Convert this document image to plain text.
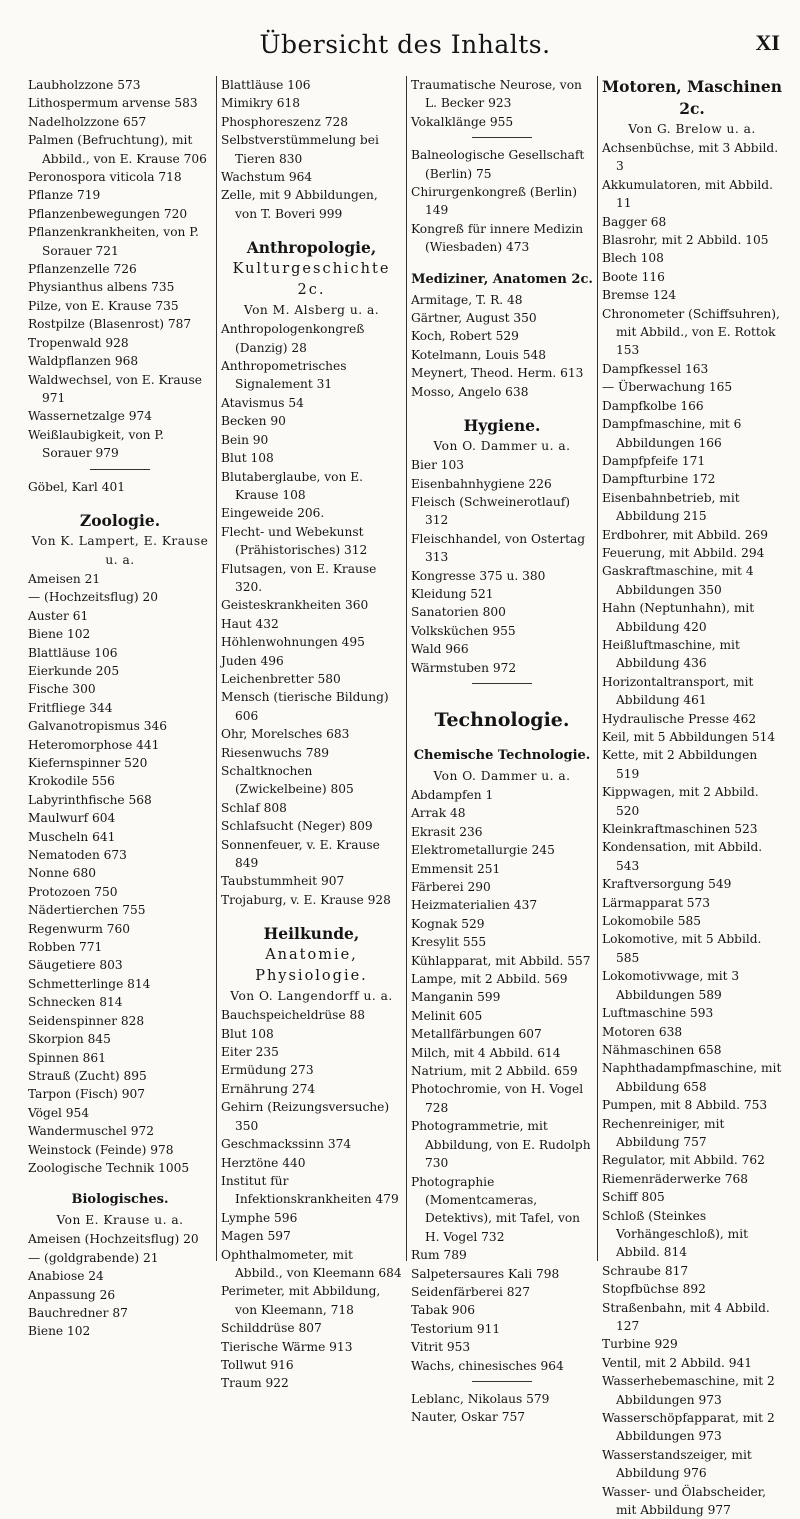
Übersicht des Inhalts.	XI
Laubholzzone 573
Lithospermum arvense 583
Nadelholzzone 657
Palmen (Befruchtung), mit Abbild., von E. Krause 706
Peronospora viticola 718
Pflanze 719
Pflanzenbewegungen 720
Pflanzenkrankheiten, von P. Sorauer 721
Pflanzenzelle 726
Physianthus albens 735
Pilze, von E. Krause 735
Rostpilze (Blasenrost) 787
Tropenwald 928
Waldpflanzen 968
Waldwechsel, von E. Krause 971
Wassernetzalge 974
Weißlaubigkeit, von P. Sorauer 979
Göbel, Karl 401
Zoologie.
Von K. Lampert, E. Krause u. a.
Ameisen 21
— (Hochzeitsflug) 20
Auster 61
Biene 102
Blattläuse 106
Eierkunde 205
Fische 300
Fritfliege 344
Galvanotropismus 346
Heteromorphose 441
Kiefernspinner 520
Krokodile 556
Labyrinthfische 568
Maulwurf 604
Muscheln 641
Nematoden 673
Nonne 680
Protozoen 750
Nädertierchen 755
Regenwurm 760
Robben 771
Säugetiere 803
Schmetterlinge 814
Schnecken 814
Seidenspinner 828
Skorpion 845
Spinnen 861
Strauß (Zucht) 895
Tarpon (Fisch) 907
Vögel 954
Wandermuschel 972
Weinstock (Feinde) 978
Zoologische Technik 1005
Biologisches.
Von E. Krause u. a.
Ameisen (Hochzeitsflug) 20
— (goldgrabende) 21
Anabiose 24
Anpassung 26
Bauchredner 87
Biene 102
Blattläuse 106
Mimikry 618
Phosphoreszenz 728
Selbstverstümmelung bei Tieren 830
Wachstum 964
Zelle, mit 9 Abbildungen, von T. Boveri 999
Anthropologie,
Kulturgeschichte 2c.
Von M. Alsberg u. a.
Anthropologenkongreß (Danzig) 28
Anthropometrisches Signalement 31
Atavismus 54
Becken 90
Bein 90
Blut 108
Blutaberglaube, von E. Krause 108
Eingeweide 206.
Flecht- und Webekunst (Prähistorisches) 312
Flutsagen, von E. Krause 320.
Geisteskrankheiten 360
Haut 432
Höhlenwohnungen 495
Juden 496
Leichenbretter 580
Mensch (tierische Bildung) 606
Ohr, Morelsches 683
Riesenwuchs 789
Schaltknochen (Zwickelbeine) 805
Schlaf 808
Schlafsucht (Neger) 809
Sonnenfeuer, v. E. Krause 849
Taubstummheit 907
Trojaburg, v. E. Krause 928
Heilkunde,
Anatomie, Physiologie.
Von O. Langendorff u. a.
Bauchspeicheldrüse 88
Blut 108
Eiter 235
Ermüdung 273
Ernährung 274
Gehirn (Reizungsversuche) 350
Geschmackssinn 374
Herztöne 440
Institut für Infektionskrankheiten 479
Lymphe 596
Magen 597
Ophthalmometer, mit Abbild., von Kleemann 684
Perimeter, mit Abbildung, von Kleemann, 718
Schilddrüse 807
Tierische Wärme 913
Tollwut 916
Traum 922
Traumatische Neurose, von L. Becker 923
Vokalklänge 955
Balneologische Gesellschaft (Berlin) 75
Chirurgenkongreß (Berlin) 149
Kongreß für innere Medizin (Wiesbaden) 473
Mediziner, Anatomen 2c.
Armitage, T. R. 48
Gärtner, August 350
Koch, Robert 529
Kotelmann, Louis 548
Meynert, Theod. Herm. 613
Mosso, Angelo 638
Hygiene.
Von O. Dammer u. a.
Bier 103
Eisenbahnhygiene 226
Fleisch (Schweinerotlauf) 312
Fleischhandel, von Ostertag 313
Kongresse 375 u. 380
Kleidung 521
Sanatorien 800
Volksküchen 955
Wald 966
Wärmstuben 972
Technologie.
Chemische Technologie.
Von O. Dammer u. a.
Abdampfen 1
Arrak 48
Ekrasit 236
Elektrometallurgie 245
Emmensit 251
Färberei 290
Heizmaterialien 437
Kognak 529
Kresylit 555
Kühlapparat, mit Abbild. 557
Lampe, mit 2 Abbild. 569
Manganin 599
Melinit 605
Metallfärbungen 607
Milch, mit 4 Abbild. 614
Natrium, mit 2 Abbild. 659
Photochromie, von H. Vogel 728
Photogrammetrie, mit Abbildung, von E. Rudolph 730
Photographie (Momentcameras, Detektivs), mit Tafel, von H. Vogel 732
Rum 789
Salpetersaures Kali 798
Seidenfärberei 827
Tabak 906
Testorium 911
Vitrit 953
Wachs, chinesisches 964
Leblanc, Nikolaus 579
Nauter, Oskar 757
Motoren, Maschinen 2c.
Von G. Brelow u. a.
Achsenbüchse, mit 3 Abbild. 3
Akkumulatoren, mit Abbild. 11
Bagger 68
Blasrohr, mit 2 Abbild. 105
Blech 108
Boote 116
Bremse 124
Chronometer (Schiffsuhren), mit Abbild., von E. Rottok 153
Dampfkessel 163
— Überwachung 165
Dampfkolbe 166
Dampfmaschine, mit 6 Abbildungen 166
Dampfpfeife 171
Dampfturbine 172
Eisenbahnbetrieb, mit Abbildung 215
Erdbohrer, mit Abbild. 269
Feuerung, mit Abbild. 294
Gaskraftmaschine, mit 4 Abbildungen 350
Hahn (Neptunhahn), mit Abbildung 420
Heißluftmaschine, mit Abbildung 436
Horizontaltransport, mit Abbildung 461
Hydraulische Presse 462
Keil, mit 5 Abbildungen 514
Kette, mit 2 Abbildungen 519
Kippwagen, mit 2 Abbild. 520
Kleinkraftmaschinen 523
Kondensation, mit Abbild. 543
Kraftversorgung 549
Lärmapparat 573
Lokomobile 585
Lokomotive, mit 5 Abbild. 585
Lokomotivwage, mit 3 Abbildungen 589
Luftmaschine 593
Motoren 638
Nähmaschinen 658
Naphthadampfmaschine, mit Abbildung 658
Pumpen, mit 8 Abbild. 753
Rechenreiniger, mit Abbildung 757
Regulator, mit Abbild. 762
Riemenräderwerke 768
Schiff 805
Schloß (Steinkes Vorhängeschloß), mit Abbild. 814
Schraube 817
Stopfbüchse 892
Straßenbahn, mit 4 Abbild. 127
Turbine 929
Ventil, mit 2 Abbild. 941
Wasserhebemaschine, mit 2 Abbildungen 973
Wasserschöpfapparat, mit 2 Abbildungen 973
Wasserstandszeiger, mit Abbildung 976
Wasser- und Ölabscheider, mit Abbildung 977
